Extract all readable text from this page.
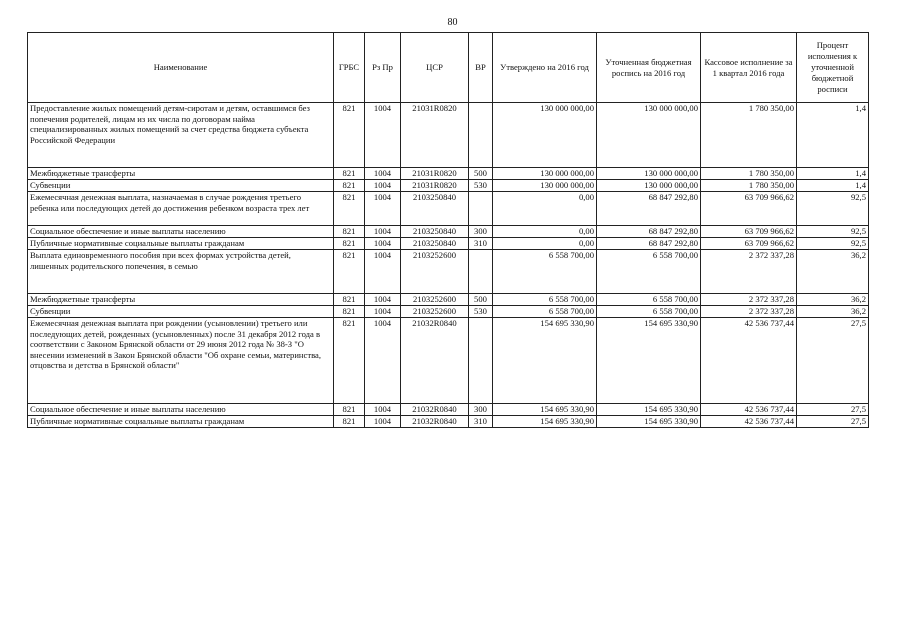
80
Наименование	ГРБС	Рз Пр	ЦСР	ВР	Утверждено на 2016 год	Уточненная бюджетная роспись на 2016 год	Кассовое исполнение за 1 квартал 2016 года	Процент исполнения к уточненной бюджетной росписи
Предоставление жилых помещений детям-сиротам и детям, оставшимся без попечения родителей, лицам из их числа по договорам найма специализированных жилых помещений за счет средства бюджета субъекта Российской Федерации	821	1004	21031R0820		130 000 000,00	130 000 000,00	1 780 350,00	1,4
Межбюджетные трансферты	821	1004	21031R0820	500	130 000 000,00	130 000 000,00	1 780 350,00	1,4
Субвенции	821	1004	21031R0820	530	130 000 000,00	130 000 000,00	1 780 350,00	1,4
Ежемесячная денежная выплата, назначаемая в случае рождения третьего ребенка или последующих детей до достижения ребенком возраста трех лет	821	1004	2103250840		0,00	68 847 292,80	63 709 966,62	92,5
Социальное обеспечение и иные выплаты населению	821	1004	2103250840	300	0,00	68 847 292,80	63 709 966,62	92,5
Публичные нормативные социальные выплаты гражданам	821	1004	2103250840	310	0,00	68 847 292,80	63 709 966,62	92,5
Выплата единовременного пособия при всех формах устройства детей, лишенных родительского попечения, в семью	821	1004	2103252600		6 558 700,00	6 558 700,00	2 372 337,28	36,2
Межбюджетные трансферты	821	1004	2103252600	500	6 558 700,00	6 558 700,00	2 372 337,28	36,2
Субвенции	821	1004	2103252600	530	6 558 700,00	6 558 700,00	2 372 337,28	36,2
Ежемесячная денежная выплата при рождении (усыновлении) третьего или последующих детей, рожденных (усыновленных) после 31 декабря 2012 года в соответствии с Законом Брянской области от 29 июня 2012 года № 38-З "О внесении изменений в Закон Брянской области "Об охране семьи, материнства, отцовства и детства в Брянской области"	821	1004	21032R0840		154 695 330,90	154 695 330,90	42 536 737,44	27,5
Социальное обеспечение и иные выплаты населению	821	1004	21032R0840	300	154 695 330,90	154 695 330,90	42 536 737,44	27,5
Публичные нормативные социальные выплаты гражданам	821	1004	21032R0840	310	154 695 330,90	154 695 330,90	42 536 737,44	27,5
